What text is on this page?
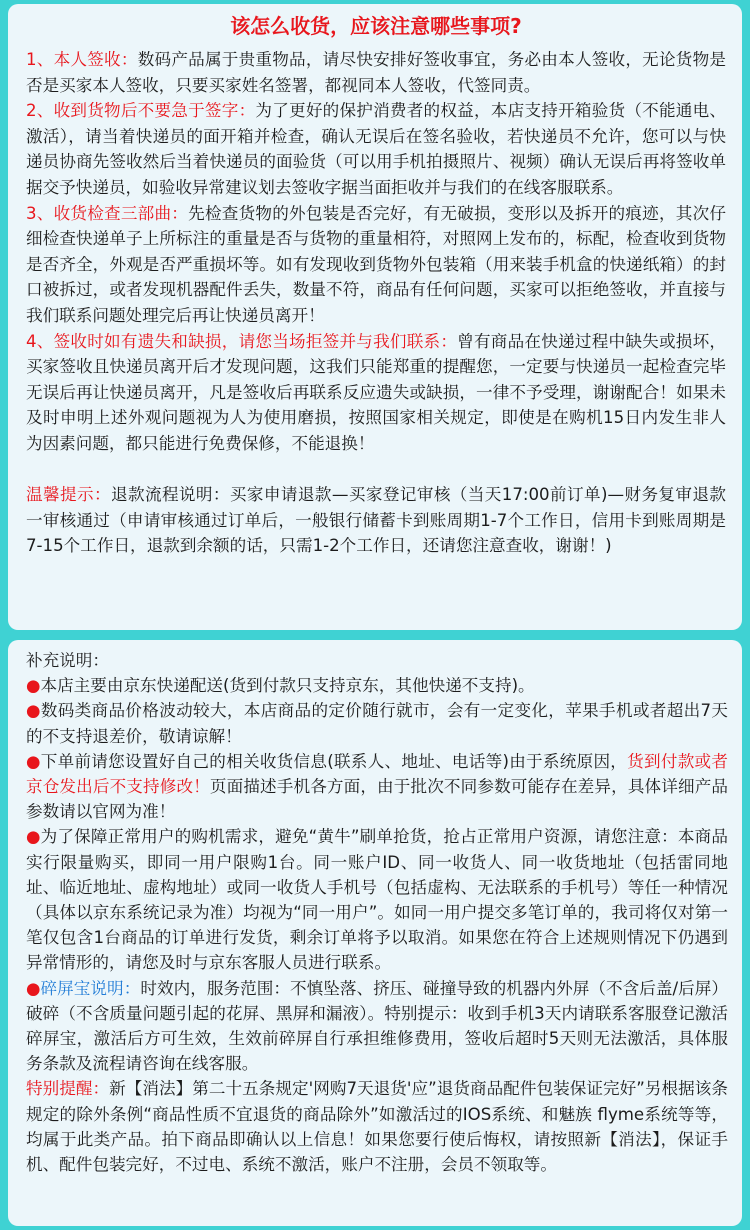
该怎么收货，应该注意哪些事项?

1、本人签收：数码产品属于贵重物品，请尽快安排好签收事宜，务必由本人签收，无论货物是否是买家本人签收，只要买家姓名签署，都视同本人签收，代签同责。

2、收到货物后不要急于签字：为了更好的保护消费者的权益，本店支持开箱验货（不能通电、激活），请当着快递员的面开箱并检查，确认无误后在签名验收，若快递员不允许，您可以与快递员协商先签收然后当着快递员的面验货（可以用手机拍摄照片、视频）确认无误后再将签收单据交予快递员，如验收异常建议划去签收字据当面拒收并与我们的在线客服联系。

3、收货检查三部曲：先检查货物的外包装是否完好，有无破损，变形以及拆开的痕迹，其次仔细检查快递单子上所标注的重量是否与货物的重量相符，对照网上发布的，标配，检查收到货物是否齐全，外观是否严重损坏等。如有发现收到货物外包装箱（用来装手机盒的快递纸箱）的封口被拆过，或者发现机器配件丢失，数量不符，商品有任何问题，买家可以拒绝签收，并直接与我们联系问题处理完后再让快递员离开！

4、签收时如有遗失和缺损，请您当场拒签并与我们联系：曾有商品在快递过程中缺失或损坏，买家签收且快递员离开后才发现问题，这我们只能郑重的提醒您，一定要与快递员一起检查完毕无误后再让快递员离开，凡是签收后再联系反应遗失或缺损，一律不予受理，谢谢配合！如果未及时申明上述外观问题视为人为使用磨损，按照国家相关规定，即使是在购机15日内发生非人为因素问题，都只能进行免费保修，不能退换！

温馨提示：退款流程说明：买家申请退款—买家登记审核（当天17:00前订单)—财务复审退款一审核通过（申请审核通过订单后，一般银行储蓄卡到账周期1-7个工作日，信用卡到账周期是7-15个工作日，退款到余额的话，只需1-2个工作日，还请您注意查收，谢谢！)

补充说明：

●本店主要由京东快递配送(货到付款只支持京东，其他快递不支持)。

●数码类商品价格波动较大，本店商品的定价随行就市，会有一定变化，苹果手机或者超出7天的不支持退差价，敬请谅解！

●下单前请您设置好自己的相关收货信息(联系人、地址、电话等)由于系统原因，货到付款或者京仓发出后不支持修改！页面描述手机各方面，由于批次不同参数可能存在差异，具体详细产品参数请以官网为准！

●为了保障正常用户的购机需求，避免“黄牛”刷单抢货，抢占正常用户资源，请您注意：本商品实行限量购买，即同一用户限购1台。同一账户ID、同一收货人、同一收货地址（包括雷同地址、临近地址、虚构地址）或同一收货人手机号（包括虚构、无法联系的手机号）等任一种情况（具体以京东系统记录为准）均视为“同一用户”。如同一用户提交多笔订单的，我司将仅对第一笔仅包含1台商品的订单进行发货，剩余订单将予以取消。如果您在符合上述规则情况下仍遇到异常情形的，请您及时与京东客服人员进行联系。

●碎屏宝说明：时效内，服务范围：不慎坠落、挤压、碰撞导致的机器内外屏（不含后盖/后屏）破碎（不含质量问题引起的花屏、黑屏和漏液）。特别提示：收到手机3天内请联系客服登记激活碎屏宝，激活后方可生效，生效前碎屏自行承担维修费用，签收后超时5天则无法激活，具体服务条款及流程请咨询在线客服。

特别提醒：新【消法】第二十五条规定'网购7天退货'应”退货商品配件包装保证完好”另根据该条规定的除外条例“商品性质不宜退货的商品除外”如激活过的IOS系统、和魅族 flyme系统等等，均属于此类产品。拍下商品即确认以上信息！如果您要行使后悔权，请按照新【消法】，保证手机、配件包装完好，不过电、系统不激活，账户不注册，会员不领取等。
